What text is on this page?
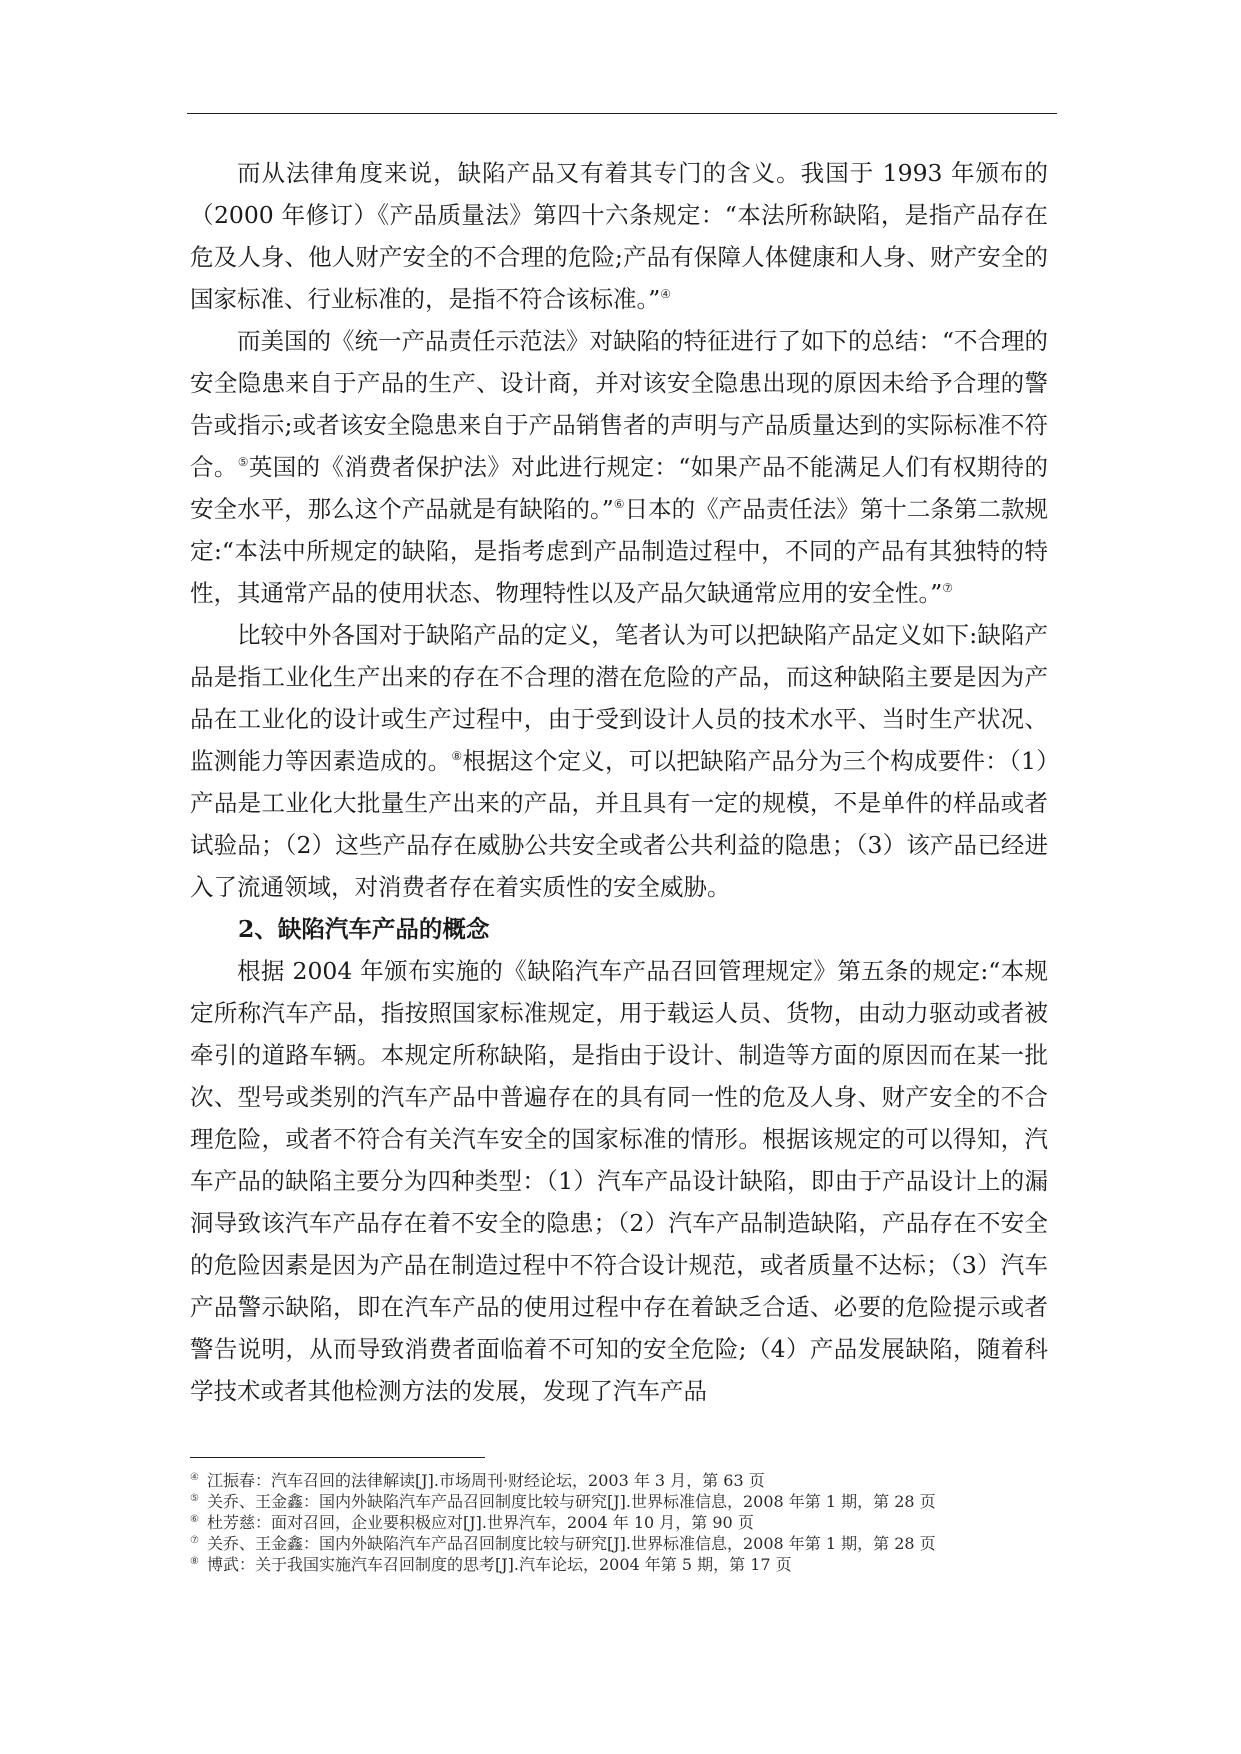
而从法律角度来说，缺陷产品又有着其专门的含义。我国于 1993 年颁布的（2000 年修订）《产品质量法》第四十六条规定：“本法所称缺陷，是指产品存在危及人身、他人财产安全的不合理的危险;产品有保障人体健康和人身、财产安全的国家标准、行业标准的，是指不符合该标准。”④

而美国的《统一产品责任示范法》对缺陷的特征进行了如下的总结：“不合理的安全隐患来自于产品的生产、设计商，并对该安全隐患出现的原因未给予合理的警告或指示;或者该安全隐患来自于产品销售者的声明与产品质量达到的实际标准不符合。⑤英国的《消费者保护法》对此进行规定：“如果产品不能满足人们有权期待的安全水平，那么这个产品就是有缺陷的。”⑥日本的《产品责任法》第十二条第二款规定:“本法中所规定的缺陷，是指考虑到产品制造过程中，不同的产品有其独特的特性，其通常产品的使用状态、物理特性以及产品欠缺通常应用的安全性。”⑦

比较中外各国对于缺陷产品的定义，笔者认为可以把缺陷产品定义如下:缺陷产品是指工业化生产出来的存在不合理的潜在危险的产品，而这种缺陷主要是因为产品在工业化的设计或生产过程中，由于受到设计人员的技术水平、当时生产状况、监测能力等因素造成的。⑧根据这个定义，可以把缺陷产品分为三个构成要件：（1）产品是工业化大批量生产出来的产品，并且具有一定的规模，不是单件的样品或者试验品；（2）这些产品存在威胁公共安全或者公共利益的隐患；（3）该产品已经进入了流通领域，对消费者存在着实质性的安全威胁。

2、缺陷汽车产品的概念

根据 2004 年颁布实施的《缺陷汽车产品召回管理规定》第五条的规定:“本规定所称汽车产品，指按照国家标准规定，用于载运人员、货物，由动力驱动或者被牵引的道路车辆。本规定所称缺陷，是指由于设计、制造等方面的原因而在某一批次、型号或类别的汽车产品中普遍存在的具有同一性的危及人身、财产安全的不合理危险，或者不符合有关汽车安全的国家标准的情形。根据该规定的可以得知，汽车产品的缺陷主要分为四种类型：（1）汽车产品设计缺陷，即由于产品设计上的漏洞导致该汽车产品存在着不安全的隐患；（2）汽车产品制造缺陷，产品存在不安全的危险因素是因为产品在制造过程中不符合设计规范，或者质量不达标；（3）汽车产品警示缺陷，即在汽车产品的使用过程中存在着缺乏合适、必要的危险提示或者警告说明，从而导致消费者面临着不可知的安全危险;（4）产品发展缺陷，随着科学技术或者其他检测方法的发展，发现了汽车产品

④ 江振春：汽车召回的法律解读[J].市场周刊·财经论坛，2003 年 3 月，第 63 页
⑤ 关乔、王金鑫：国内外缺陷汽车产品召回制度比较与研究[J].世界标准信息，2008 年第 1 期，第 28 页
⑥ 杜芳慈：面对召回，企业要积极应对[J].世界汽车，2004 年 10 月，第 90 页
⑦ 关乔、王金鑫：国内外缺陷汽车产品召回制度比较与研究[J].世界标准信息，2008 年第 1 期，第 28 页
⑧ 博武：关于我国实施汽车召回制度的思考[J].汽车论坛，2004 年第 5 期，第 17 页
